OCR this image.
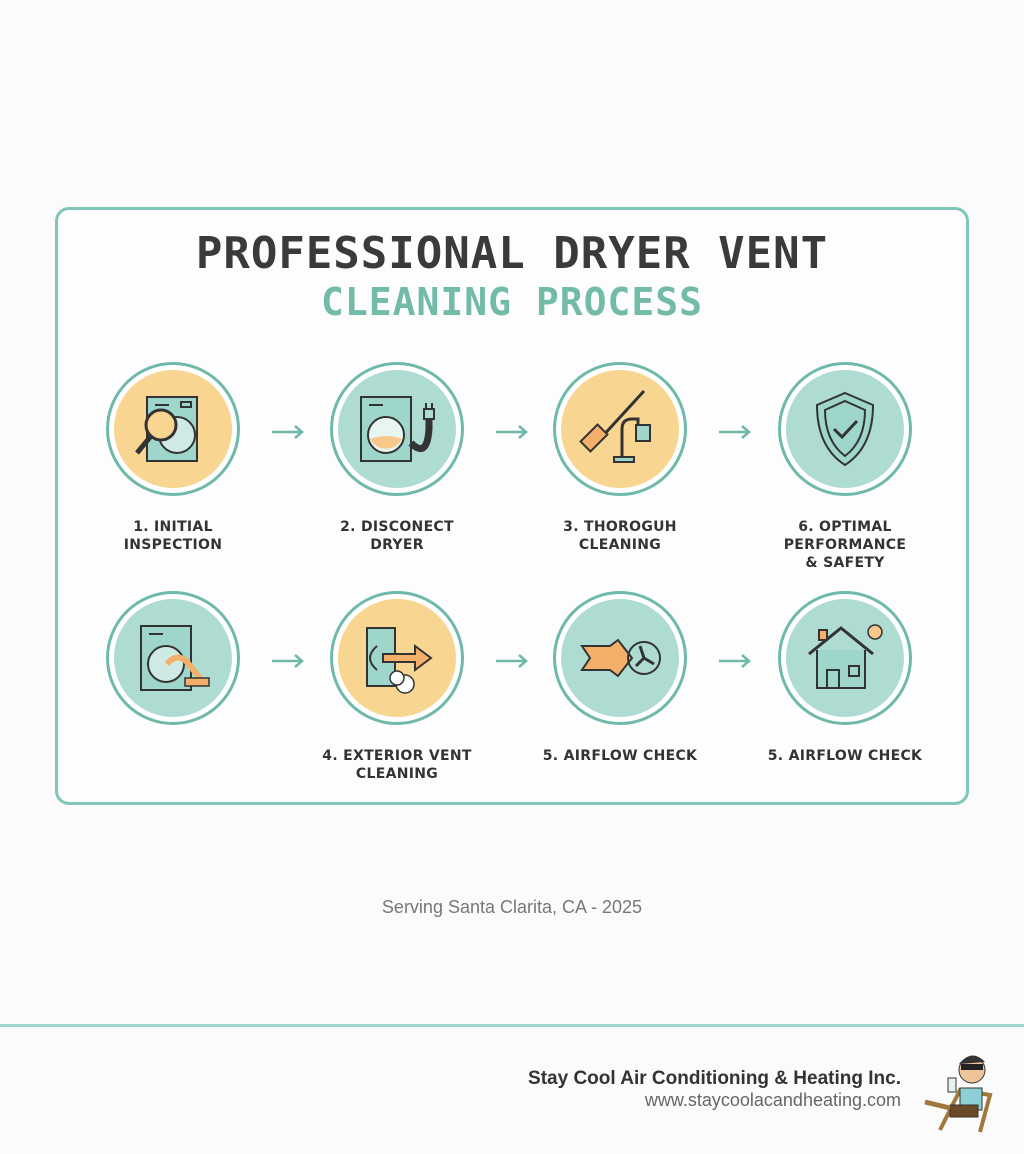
PROFESSIONAL DRYER VENT
CLEANING PROCESS
1. INITIAL
INSPECTION
2. DISCONECT
DRYER
3. THOROGUH
CLEANING
6. OPTIMAL
PERFORMANCE
& SAFETY
4. EXTERIOR VENT
CLEANING
5. AIRFLOW CHECK	5. AIRFLOW CHECK
Serving Santa Clarita, CA - 2025
Stay Cool Air Conditioning & Heating Inc.
www.staycoolacandheating.com
